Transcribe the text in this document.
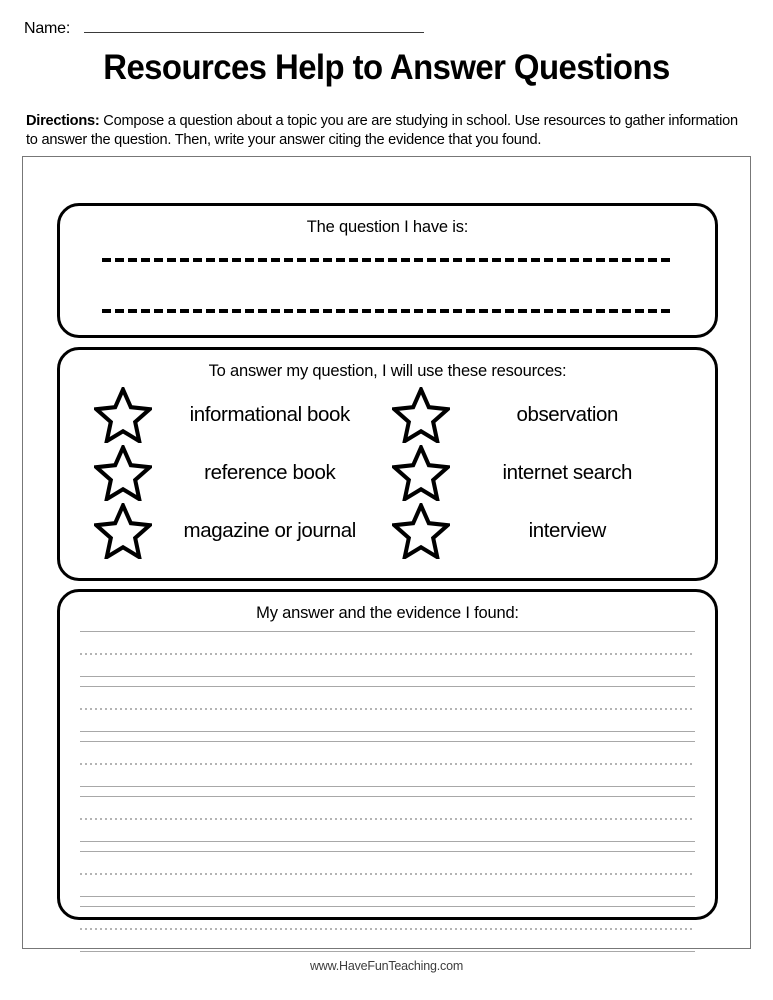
Name:
Resources Help to Answer Questions
Directions: Compose a question about a topic you are are studying in school. Use resources to gather information to answer the question. Then, write your answer citing the evidence that you found.
The question I have is:
To answer my question, I will use these resources:
informational book	observation
reference book	internet search
magazine or journal	interview
My answer and the evidence I found:
www.HaveFunTeaching.com
